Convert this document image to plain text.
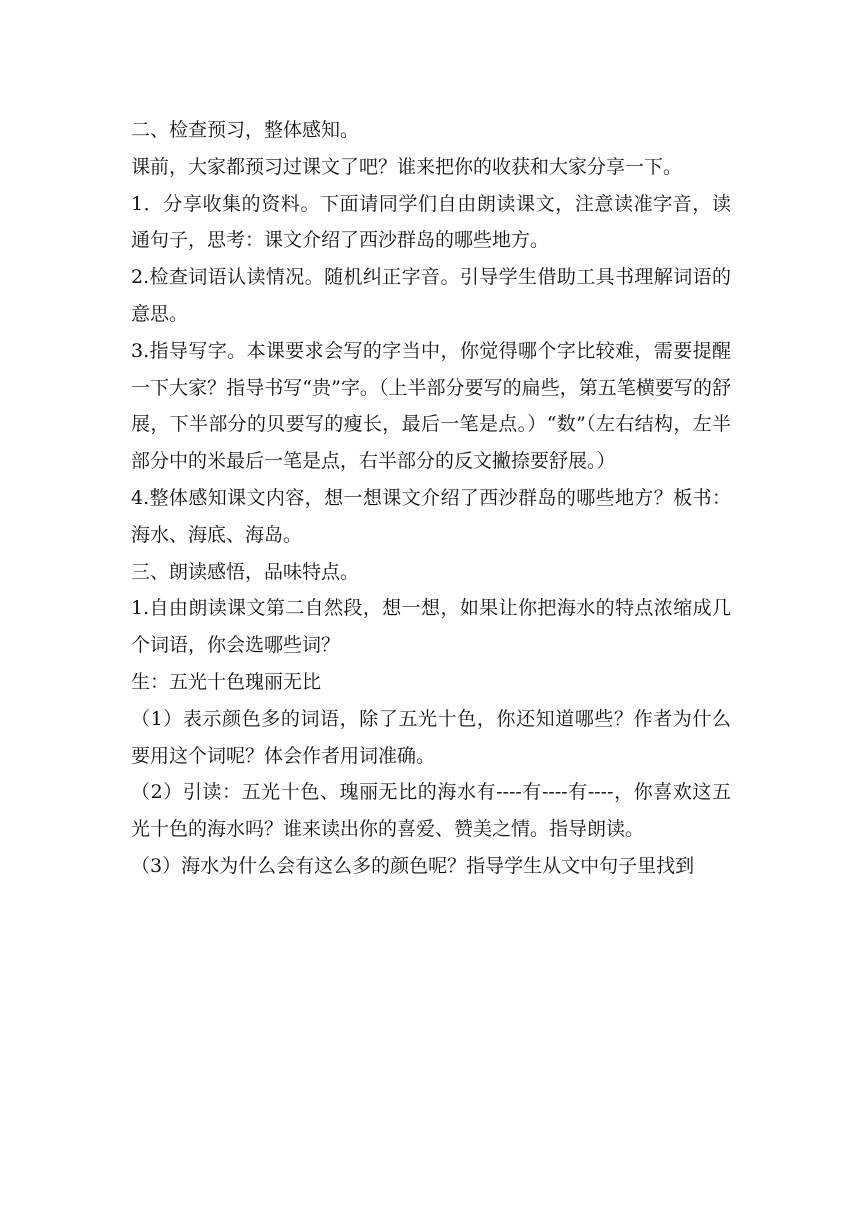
二、检查预习，整体感知。

课前，大家都预习过课文了吧？谁来把你的收获和大家分享一下。

1．分享收集的资料。下面请同学们自由朗读课文，注意读准字音，读通句子，思考：课文介绍了西沙群岛的哪些地方。

2.检查词语认读情况。随机纠正字音。引导学生借助工具书理解词语的意思。

3.指导写字。本课要求会写的字当中，你觉得哪个字比较难，需要提醒一下大家？指导书写“贵”字。（上半部分要写的扁些，第五笔横要写的舒展，下半部分的贝要写的瘦长，最后一笔是点。）“数”（左右结构，左半部分中的米最后一笔是点，右半部分的反文撇捺要舒展。）

4.整体感知课文内容，想一想课文介绍了西沙群岛的哪些地方？板书：海水、海底、海岛。

三、朗读感悟，品味特点。

1.自由朗读课文第二自然段，想一想，如果让你把海水的特点浓缩成几个词语，你会选哪些词？

生：五光十色瑰丽无比

（1）表示颜色多的词语，除了五光十色，你还知道哪些？作者为什么要用这个词呢？体会作者用词准确。

（2）引读：五光十色、瑰丽无比的海水有----有----有----，你喜欢这五光十色的海水吗？谁来读出你的喜爱、赞美之情。指导朗读。

（3）海水为什么会有这么多的颜色呢？指导学生从文中句子里找到
